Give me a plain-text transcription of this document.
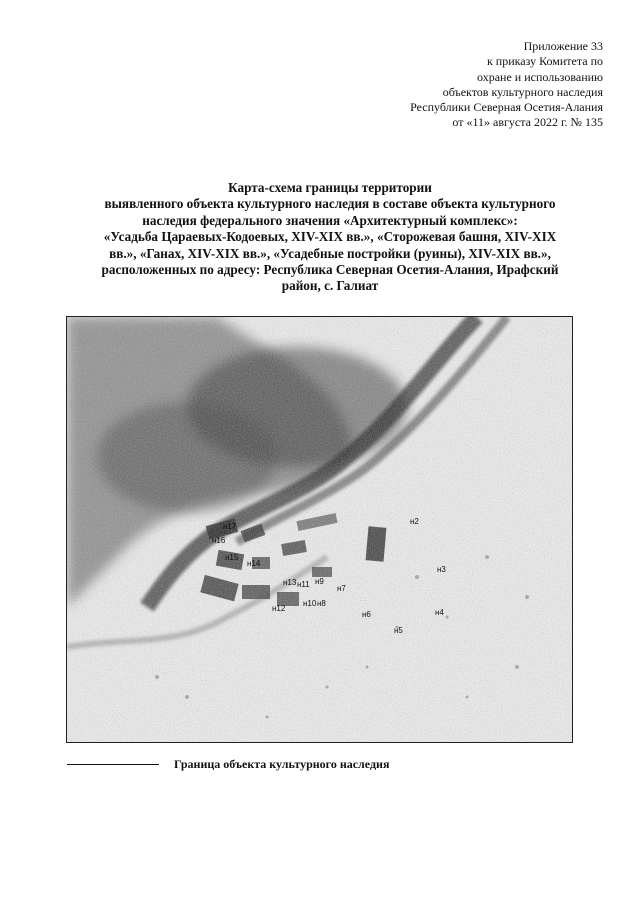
Приложение 33
к приказу Комитета по
охране и использованию
объектов культурного наследия
Республики Северная Осетия-Алания
от «11» августа 2022 г. № 135
Карта-схема границы территории
выявленного объекта культурного наследия в составе объекта культурного
наследия федерального значения «Архитектурный комплекс»:
«Усадьба Цараевых-Кодоевых, XIV-XIX вв.», «Сторожевая башня, XIV-XIX
вв.», «Ганах, XIV-XIX вв.», «Усадебные постройки (руины), XIV-XIX вв.»,
расположенных по адресу: Республика Северная Осетия-Алания, Ирафский
район, с. Галиат
н2
н3
н4
н5
н6
н7
н8
н9
н10
н11
н12
н13
н14
н15
н16
н17
Граница объекта культурного наследия
